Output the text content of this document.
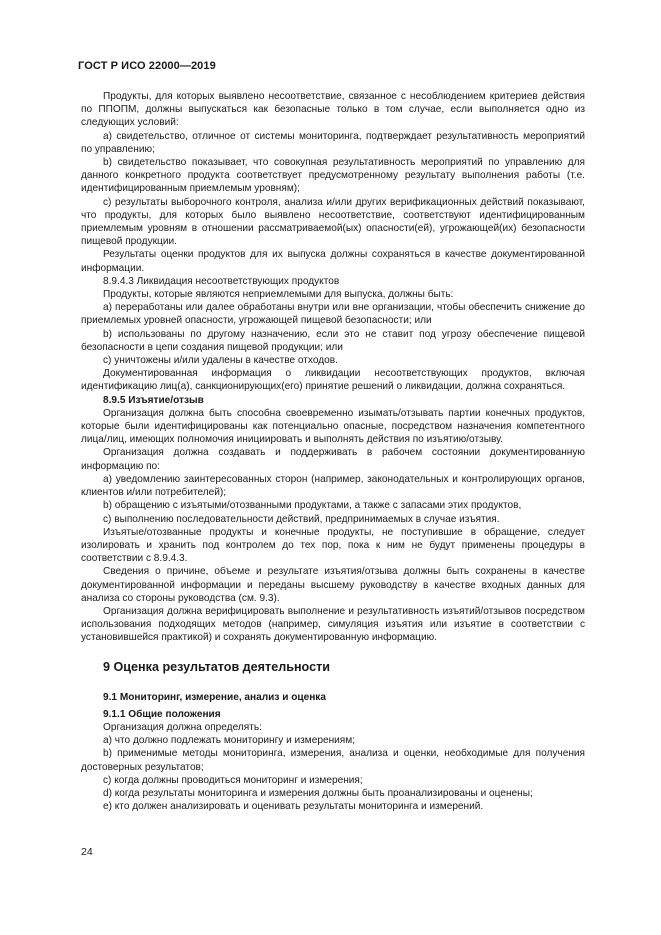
ГОСТ Р ИСО 22000—2019

Продукты, для которых выявлено несоответствие, связанное с несоблюдением критериев действия по ППОПМ, должны выпускаться как безопасные только в том случае, если выполняется одно из следующих условий:

а) свидетельство, отличное от системы мониторинга, подтверждает результативность мероприятий по управлению;

b) свидетельство показывает, что совокупная результативность мероприятий по управлению для данного конкретного продукта соответствует предусмотренному результату выполнения работы (т.е. идентифицированным приемлемым уровням);

с) результаты выборочного контроля, анализа и/или других верификационных действий показывают, что продукты, для которых было выявлено несоответствие, соответствуют идентифицированным приемлемым уровням в отношении рассматриваемой(ых) опасности(ей), угрожающей(их) безопасности пищевой продукции.

Результаты оценки продуктов для их выпуска должны сохраняться в качестве документированной информации.

8.9.4.3 Ликвидация несоответствующих продуктов

Продукты, которые являются неприемлемыми для выпуска, должны быть:

а) переработаны или далее обработаны внутри или вне организации, чтобы обеспечить снижение до приемлемых уровней опасности, угрожающей пищевой безопасности; или

b) использованы по другому назначению, если это не ставит под угрозу обеспечение пищевой безопасности в цепи создания пищевой продукции; или

с) уничтожены и/или удалены в качестве отходов.

Документированная информация о ликвидации несоответствующих продуктов, включая идентификацию лиц(а), санкционирующих(его) принятие решений о ликвидации, должна сохраняться.

8.9.5 Изъятие/отзыв

Организация должна быть способна своевременно изымать/отзывать партии конечных продуктов, которые были идентифицированы как потенциально опасные, посредством назначения компетентного лица/лиц, имеющих полномочия инициировать и выполнять действия по изъятию/отзыву.

Организация должна создавать и поддерживать в рабочем состоянии документированную информацию по:

а) уведомлению заинтересованных сторон (например, законодательных и контролирующих органов, клиентов и/или потребителей);

b) обращению с изъятыми/отозванными продуктами, а также с запасами этих продуктов,

с) выполнению последовательности действий, предпринимаемых в случае изъятия.

Изъятые/отозванные продукты и конечные продукты, не поступившие в обращение, следует изолировать и хранить под контролем до тех пор, пока к ним не будут применены процедуры в соответствии с 8.9.4.3.

Сведения о причине, объеме и результате изъятия/отзыва должны быть сохранены в качестве документированной информации и переданы высшему руководству в качестве входных данных для анализа со стороны руководства (см. 9.3).

Организация должна верифицировать выполнение и результативность изъятий/отзывов посредством использования подходящих методов (например, симуляция изъятия или изъятие в соответствии с установившейся практикой) и сохранять документированную информацию.

9 Оценка результатов деятельности
9.1 Мониторинг, измерение, анализ и оценка

9.1.1 Общие положения

Организация должна определять:

а) что должно подлежать мониторингу и измерениям;

b) применимые методы мониторинга, измерения, анализа и оценки, необходимые для получения достоверных результатов;

с) когда должны проводиться мониторинг и измерения;

d) когда результаты мониторинга и измерения должны быть проанализированы и оценены;

е) кто должен анализировать и оценивать результаты мониторинга и измерений.

24
